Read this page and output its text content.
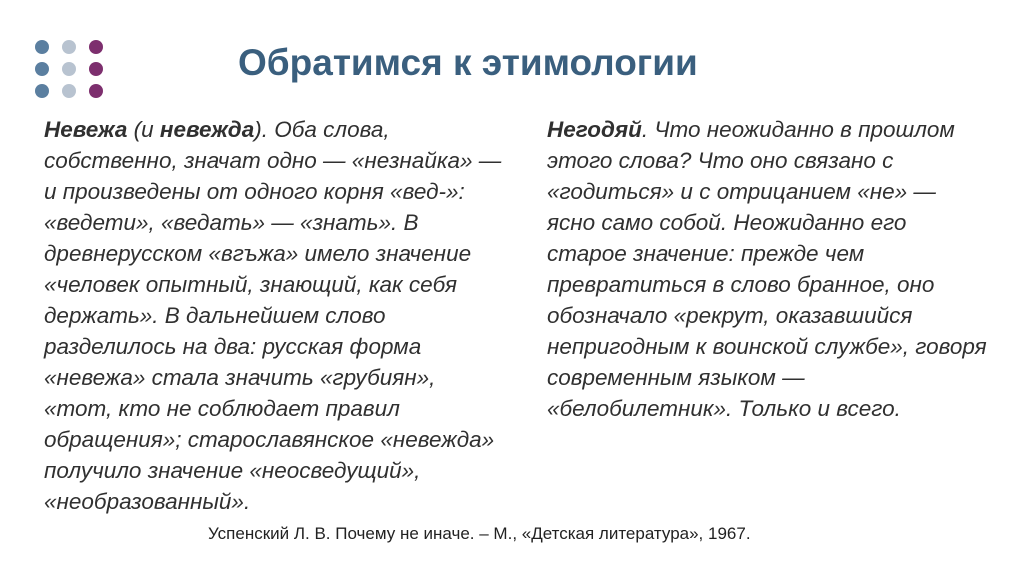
Обратимся к этимологии
Невежа (и невежда). Оба слова, собственно, значат одно — «незнайка» — и произведены от одного корня «вед-»: «ведети», «ведать» — «знать». В древнерусском «вгъжа» имело значение «человек опытный, знающий, как себя держать». В дальнейшем слово разделилось на два: русская форма «невежа» стала значить «грубиян», «тот, кто не соблюдает правил обращения»; старославянское «невежда» получило значение «неосведущий», «необразованный».
Негодяй. Что неожиданно в прошлом этого слова? Что оно связано с «годиться» и с отрицанием «не» — ясно само собой. Неожиданно его старое значение: прежде чем превратиться в слово бранное, оно обозначало «рекрут, оказавшийся непригодным к воинской службе», говоря современным языком — «белобилетник». Только и всего.
Успенский Л. В. Почему не иначе. – М., «Детская литература», 1967.
